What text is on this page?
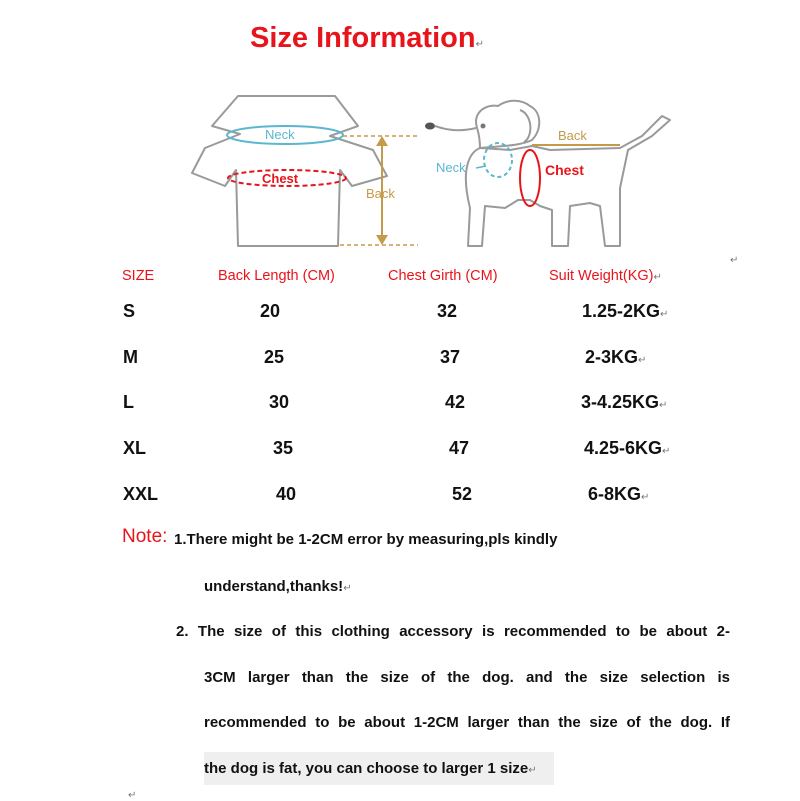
Size Information↵
Neck
Chest
Back
Neck	Chest
Back
↵
SIZE	Back Length (CM)	Chest Girth (CM)	Suit Weight(KG)↵
S	20	32	1.25-2KG↵
M	25	37	2-3KG↵
L	30	42	3-4.25KG↵
XL	35	47	4.25-6KG↵
XXL	40	52	6-8KG↵
Note: 1.There might be 1-2CM error by measuring,pls kindly
understand,thanks!↵
2. The size of this clothing accessory is recommended to be about 2-
3CM larger than the size of the dog. and the size selection is
recommended to be about 1-2CM larger than the size of the dog. If
the dog is fat, you can choose to larger 1 size↵
↵
